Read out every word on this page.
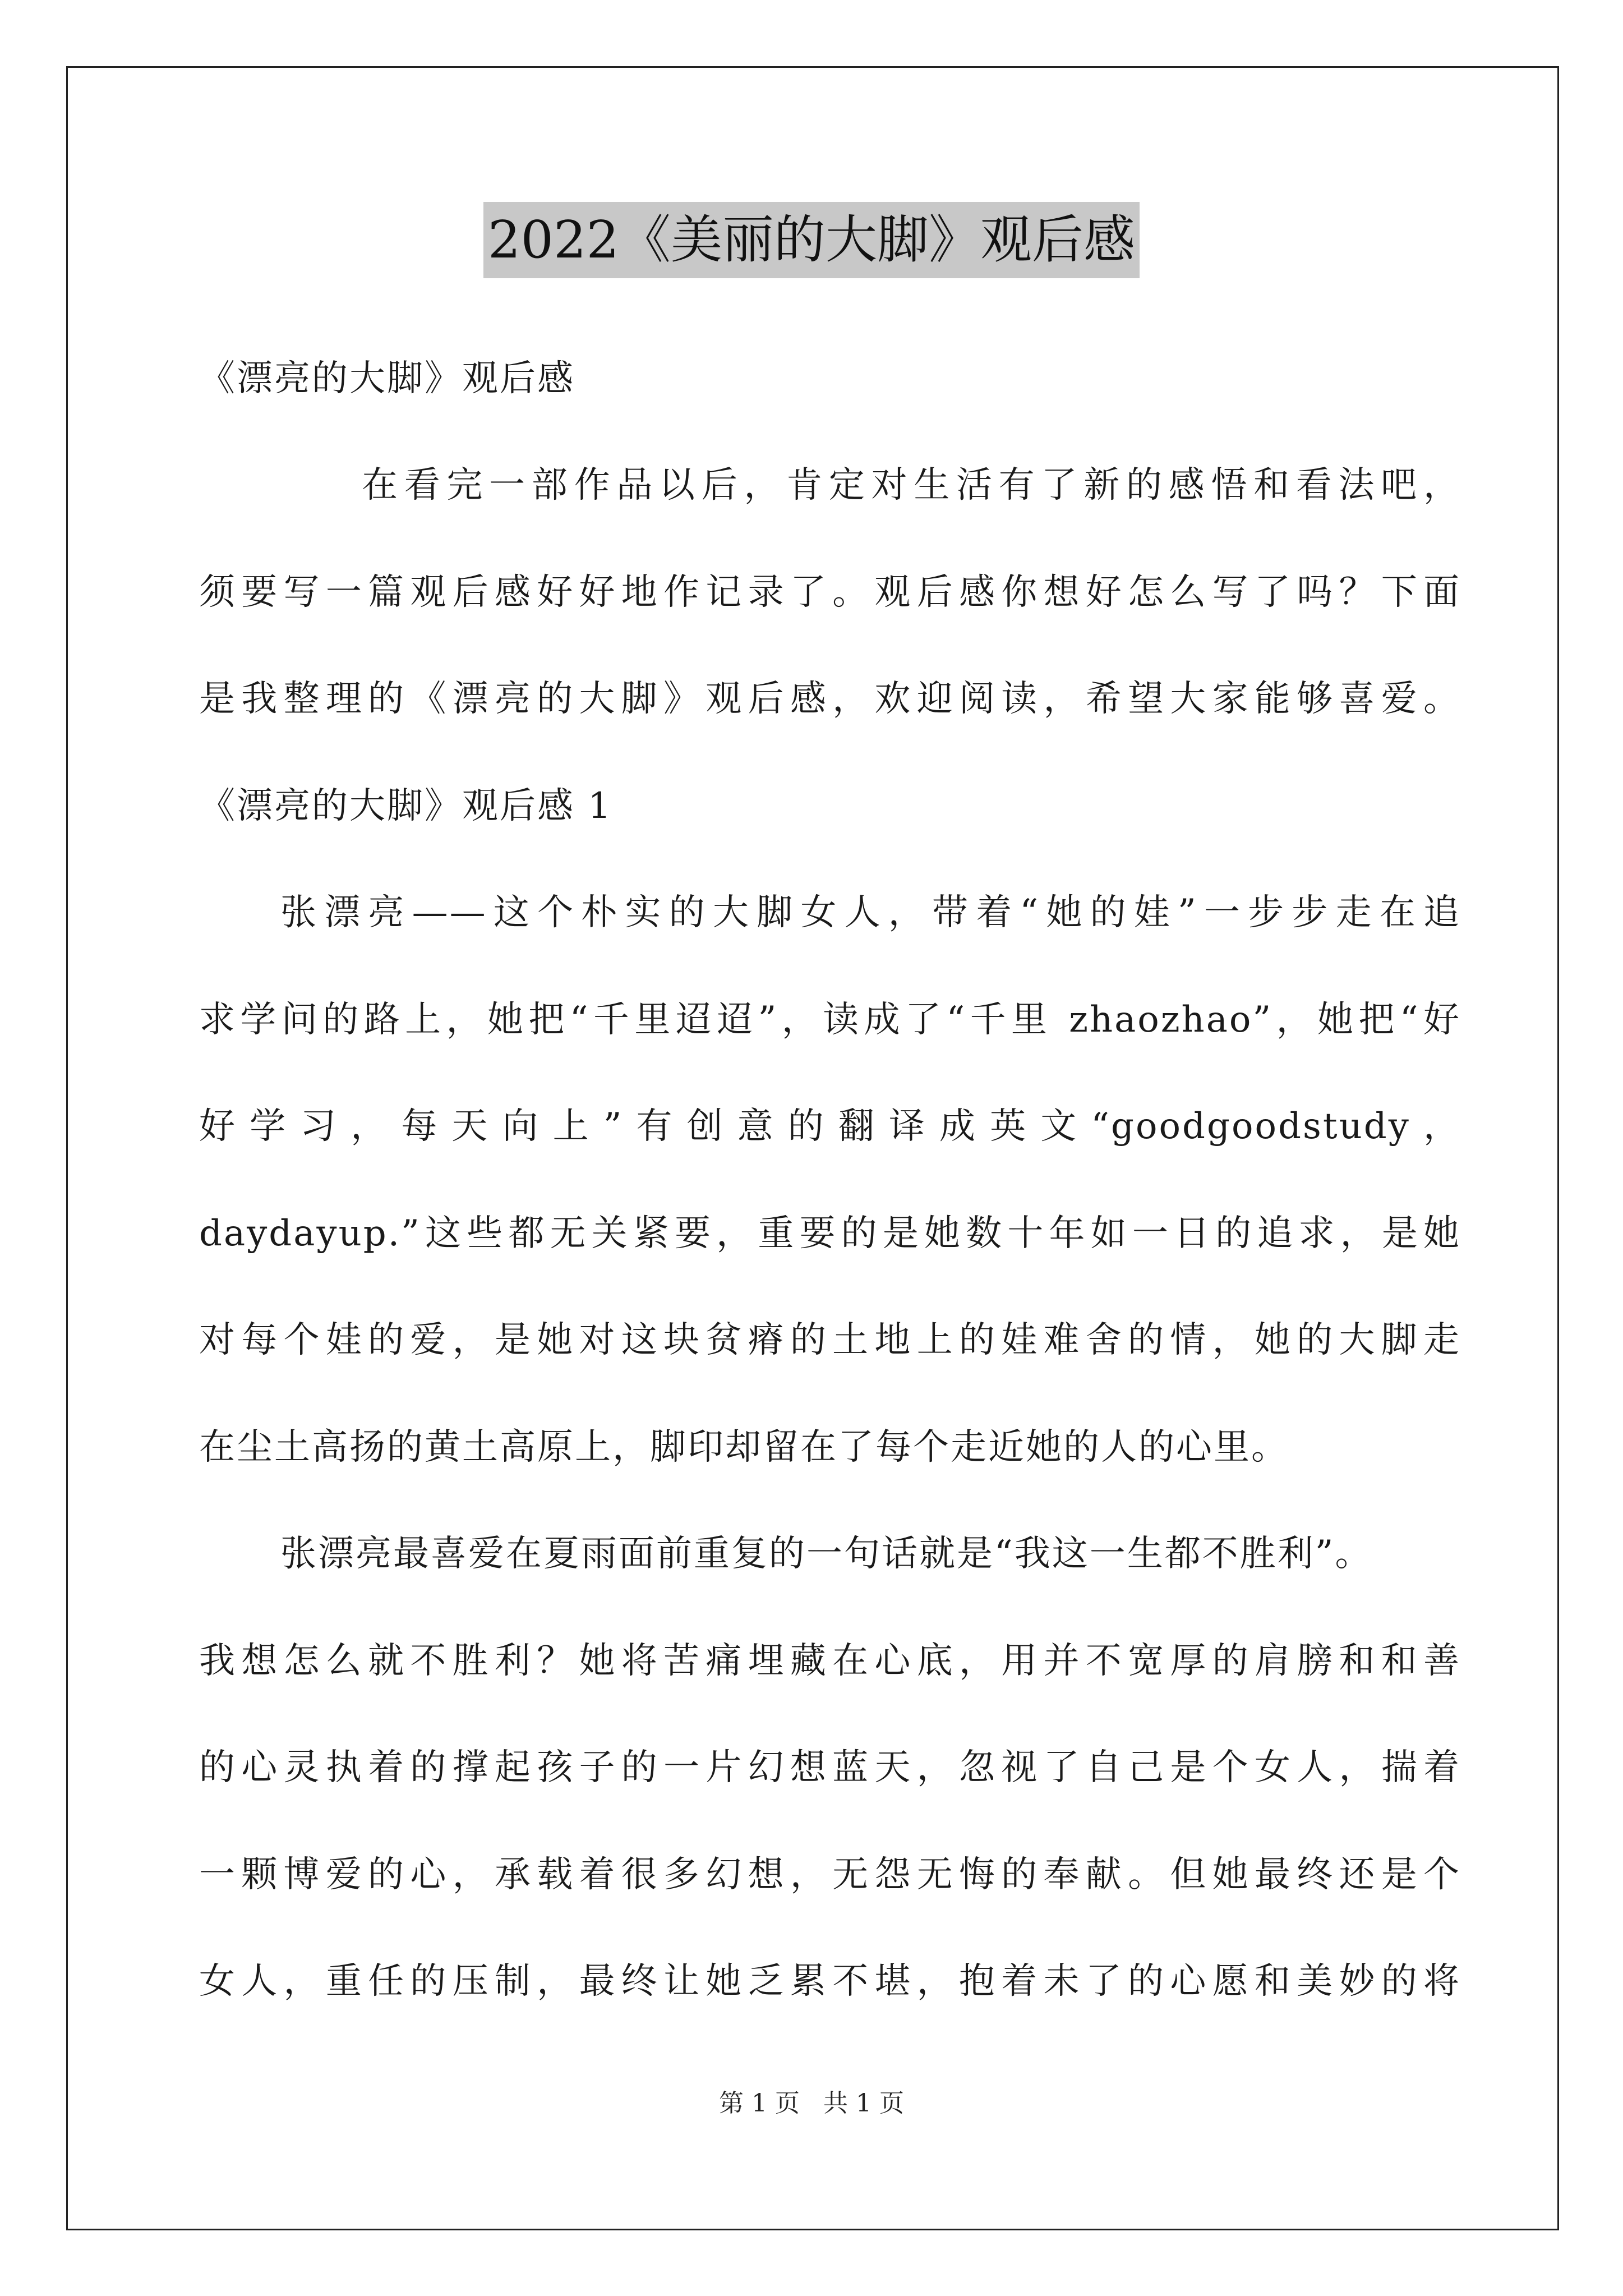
2022《美丽的大脚》观后感
《漂亮的大脚》观后感
在看完一部作品以后，肯定对生活有了新的感悟和看法吧，
须要写一篇观后感好好地作记录了。观后感你想好怎么写了吗？下面
是我整理的《漂亮的大脚》观后感，欢迎阅读，希望大家能够喜爱。
《漂亮的大脚》观后感 1
张漂亮——这个朴实的大脚女人，带着“她的娃”一步步走在追
求学问的路上，她把“千里迢迢”，读成了“千里 zhaozhao”，她把“好
好学习，每天向上”有创意的翻译成英文“goodgoodstudy，
daydayup.”这些都无关紧要，重要的是她数十年如一日的追求，是她
对每个娃的爱，是她对这块贫瘠的土地上的娃难舍的情，她的大脚走
在尘土高扬的黄土高原上，脚印却留在了每个走近她的人的心里。
张漂亮最喜爱在夏雨面前重复的一句话就是“我这一生都不胜利”。
我想怎么就不胜利？她将苦痛埋藏在心底，用并不宽厚的肩膀和和善
的心灵执着的撑起孩子的一片幻想蓝天，忽视了自己是个女人，揣着
一颗博爱的心，承载着很多幻想，无怨无悔的奉献。但她最终还是个
女人，重任的压制，最终让她乏累不堪，抱着未了的心愿和美妙的将
第 1 页   共 1 页
